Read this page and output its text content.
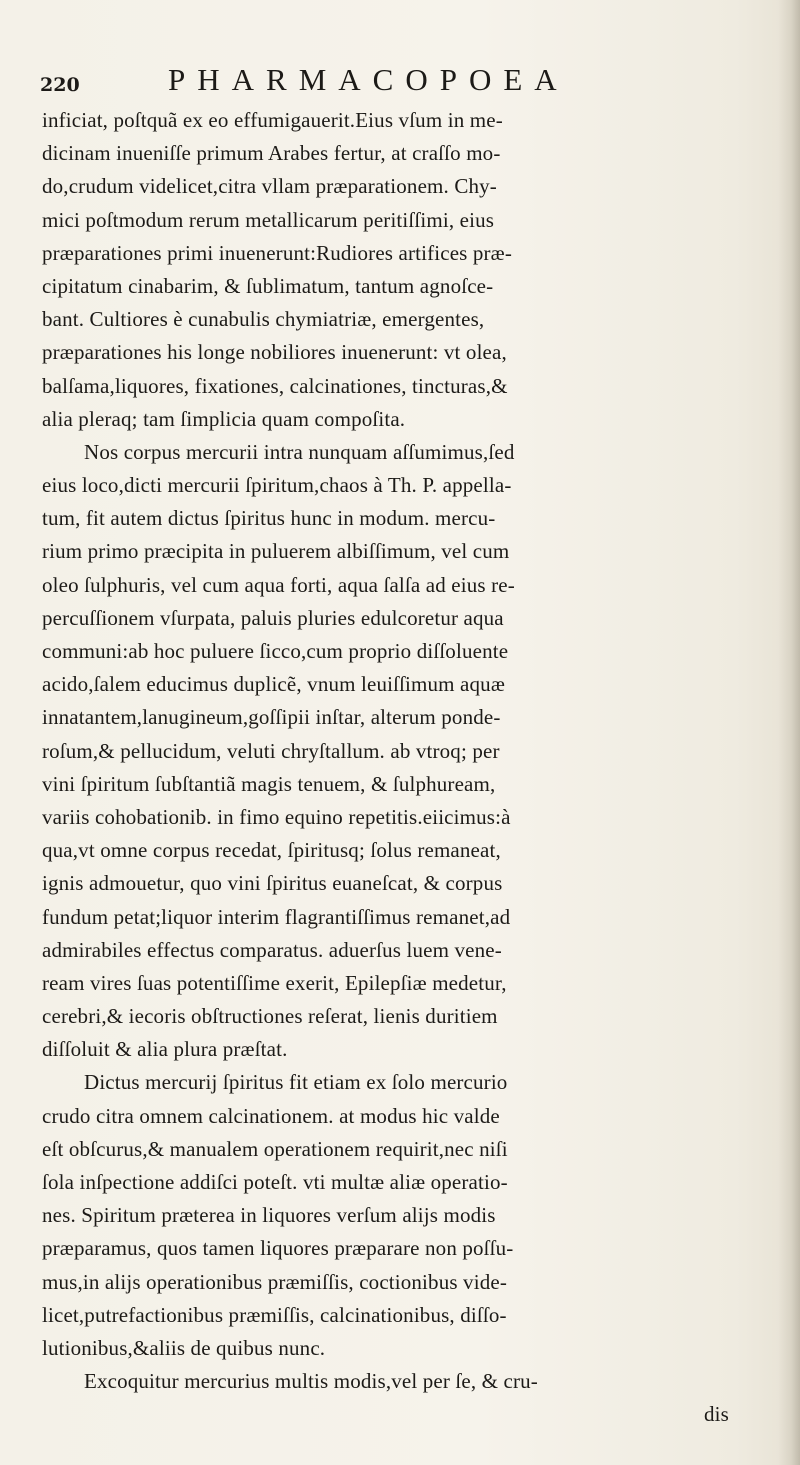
220	PHARMACOPOEA
inficiat, poſtquã ex eo effumigauerit.Eius vſum in me-
dicinam inueniſſe primum Arabes fertur, at craſſo mo-
do,crudum videlicet,citra vllam præparationem. Chy-
mici poſtmodum rerum metallicarum peritiſſimi, eius
præparationes primi inuenerunt:Rudiores artifices præ-
cipitatum cinabarim, & ſublimatum, tantum agnoſce-
bant. Cultiores è cunabulis chymiatriæ, emergentes,
præparationes his longe nobiliores inuenerunt: vt olea,
balſama,liquores, fixationes, calcinationes, tincturas,&
alia pleraq; tam ſimplicia quam compoſita.
Nos corpus mercurii intra nunquam aſſumimus,ſed
eius loco,dicti mercurii ſpiritum,chaos à Th. P. appella-
tum, fit autem dictus ſpiritus hunc in modum. mercu-
rium primo præcipita in puluerem albiſſimum, vel cum
oleo ſulphuris, vel cum aqua forti, aqua ſalſa ad eius re-
percuſſionem vſurpata, paluis pluries edulcoretur aqua
communi:ab hoc puluere ſicco,cum proprio diſſoluente
acido,ſalem educimus duplicẽ, vnum leuiſſimum aquæ
innatantem,lanugineum,goſſipii inſtar, alterum ponde-
roſum,& pellucidum, veluti chryſtallum. ab vtroq; per
vini ſpiritum ſubſtantiã magis tenuem, & ſulphuream,
variis cohobationib. in fimo equino repetitis.eiicimus:à
qua,vt omne corpus recedat, ſpiritusq; ſolus remaneat,
ignis admouetur, quo vini ſpiritus euaneſcat, & corpus
fundum petat;liquor interim flagrantiſſimus remanet,ad
admirabiles effectus comparatus. aduerſus luem vene-
ream vires ſuas potentiſſime exerit, Epilepſiæ medetur,
cerebri,& iecoris obſtructiones reſerat, lienis duritiem
diſſoluit & alia plura præſtat.
Dictus mercurij ſpiritus fit etiam ex ſolo mercurio
crudo citra omnem calcinationem. at modus hic valde
eſt obſcurus,& manualem operationem requirit,nec niſi
ſola inſpectione addiſci poteſt. vti multæ aliæ operatio-
nes. Spiritum præterea in liquores verſum alijs modis
præparamus, quos tamen liquores præparare non poſſu-
mus,in alijs operationibus præmiſſis, coctionibus vide-
licet,putrefactionibus præmiſſis, calcinationibus, diſſo-
lutionibus,&aliis de quibus nunc.
Excoquitur mercurius multis modis,vel per ſe, & cru-
dis
